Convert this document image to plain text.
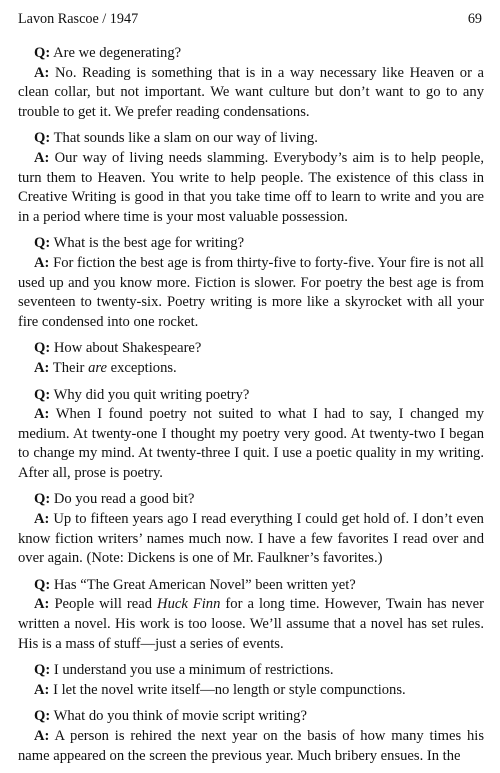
Lavon Rascoe / 1947	69

Q: Are we degenerating?

A: No. Reading is something that is in a way necessary like Heaven or a clean collar, but not important. We want culture but don’t want to go to any trouble to get it. We prefer reading condensations.

Q: That sounds like a slam on our way of living.

A: Our way of living needs slamming. Everybody’s aim is to help people, turn them to Heaven. You write to help people. The existence of this class in Creative Writing is good in that you take time off to learn to write and you are in a period where time is your most valuable possession.

Q: What is the best age for writing?

A: For fiction the best age is from thirty-five to forty-five. Your fire is not all used up and you know more. Fiction is slower. For poetry the best age is from seventeen to twenty-six. Poetry writing is more like a skyrocket with all your fire condensed into one rocket.

Q: How about Shakespeare?

A: Their are exceptions.

Q: Why did you quit writing poetry?

A: When I found poetry not suited to what I had to say, I changed my medium. At twenty-one I thought my poetry very good. At twenty-two I began to change my mind. At twenty-three I quit. I use a poetic quality in my writing. After all, prose is poetry.

Q: Do you read a good bit?

A: Up to fifteen years ago I read everything I could get hold of. I don’t even know fiction writers’ names much now. I have a few favorites I read over and over again. (Note: Dickens is one of Mr. Faulkner’s favorites.)

Q: Has “The Great American Novel” been written yet?

A: People will read Huck Finn for a long time. However, Twain has never written a novel. His work is too loose. We’ll assume that a novel has set rules. His is a mass of stuff—just a series of events.

Q: I understand you use a minimum of restrictions.

A: I let the novel write itself—no length or style compunctions.

Q: What do you think of movie script writing?

A: A person is rehired the next year on the basis of how many times his name appeared on the screen the previous year. Much bribery ensues. In the
